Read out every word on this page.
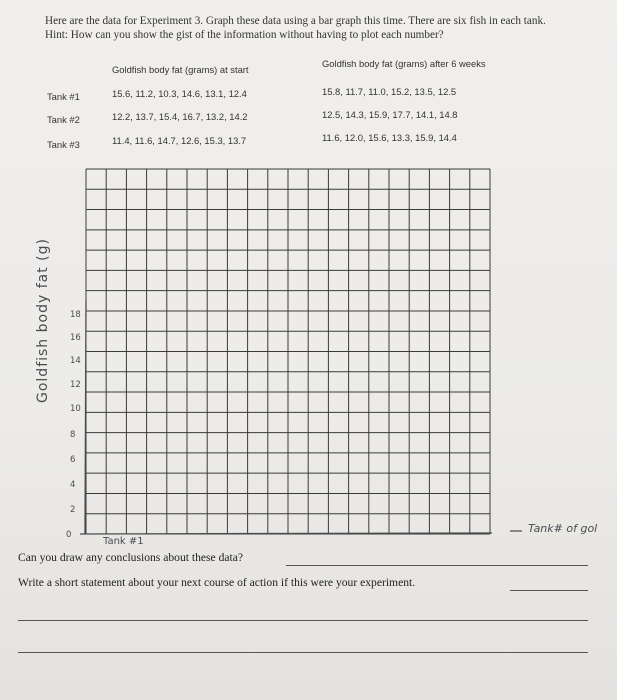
Here are the data for Experiment 3. Graph these data using a bar graph this time. There are six fish in each tank. Hint: How can you show the gist of the information without having to plot each number?
Goldfish body fat (grams) at start
Goldfish body fat (grams) after 6 weeks
Tank #1	15.6, 11.2, 10.3, 14.6, 13.1, 12.4	15.8, 11.7, 11.0, 15.2, 13.5, 12.5
Tank #2	12.2, 13.7, 15.4, 16.7, 13.2, 14.2	12.5, 14.3, 15.9, 17.7, 14.1, 14.8
Tank #3	11.4, 11.6, 14.7, 12.6, 15.3, 13.7	11.6, 12.0, 15.6, 13.3, 15.9, 14.4
Goldfish body fat (g) 18
16
14
12
10
8
6
4
2
0
Tank #1
Tank# of gol
Can you draw any conclusions about these data?
Write a short statement about your next course of action if this were your experiment.
